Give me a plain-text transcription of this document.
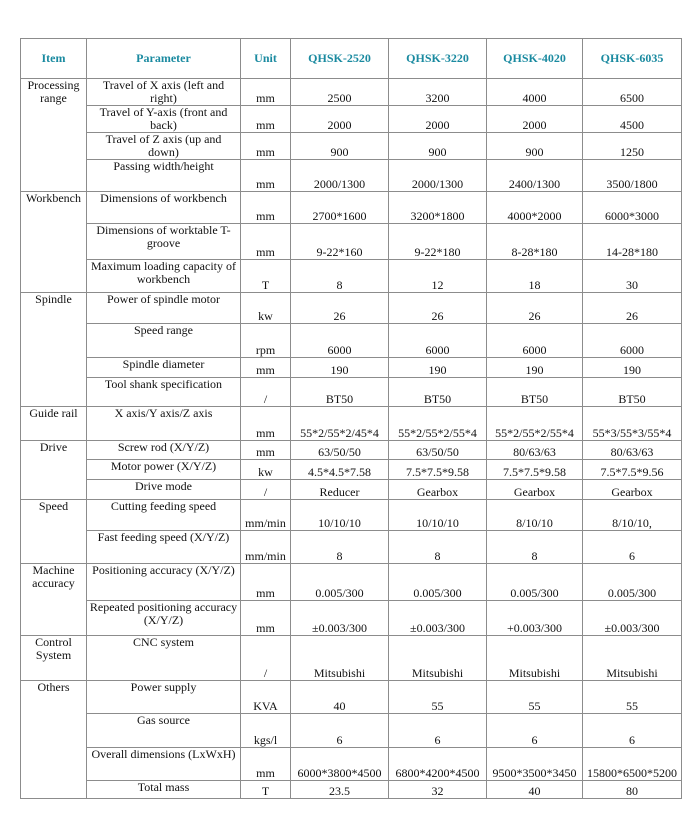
Item	Parameter	Unit	QHSK-2520	QHSK-3220	QHSK-4020	QHSK-6035
Processing range	Travel of X axis (left and right)	mm	2500	3200	4000	6500
	Travel of Y-axis (front and back)	mm	2000	2000	2000	4500
	Travel of Z axis (up and down)	mm	900	900	900	1250
	Passing width/height	mm	2000/1300	2000/1300	2400/1300	3500/1800
Workbench	Dimensions of workbench	mm	2700*1600	3200*1800	4000*2000	6000*3000
	Dimensions of worktable T-groove	mm	9-22*160	9-22*180	8-28*180	14-28*180
	Maximum loading capacity of workbench	T	8	12	18	30
Spindle	Power of spindle motor	kw	26	26	26	26
	Speed range	rpm	6000	6000	6000	6000
	Spindle diameter	mm	190	190	190	190
	Tool shank specification	/	BT50	BT50	BT50	BT50
Guide rail	X axis/Y axis/Z axis	mm	55*2/55*2/45*4	55*2/55*2/55*4	55*2/55*2/55*4	55*3/55*3/55*4
Drive	Screw rod (X/Y/Z)	mm	63/50/50	63/50/50	80/63/63	80/63/63
	Motor power (X/Y/Z)	kw	4.5*4.5*7.58	7.5*7.5*9.58	7.5*7.5*9.58	7.5*7.5*9.56
	Drive mode	/	Reducer	Gearbox	Gearbox	Gearbox
Speed	Cutting feeding speed	mm/min	10/10/10	10/10/10	8/10/10	8/10/10,
	Fast feeding speed (X/Y/Z)	mm/min	8	8	8	6
Machine accuracy	Positioning accuracy (X/Y/Z)	mm	0.005/300	0.005/300	0.005/300	0.005/300
	Repeated positioning accuracy (X/Y/Z)	mm	±0.003/300	±0.003/300	+0.003/300	±0.003/300
Control System	CNC system	/	Mitsubishi	Mitsubishi	Mitsubishi	Mitsubishi
Others	Power supply	KVA	40	55	55	55
	Gas source	kgs/l	6	6	6	6
	Overall dimensions (LxWxH)	mm	6000*3800*4500	6800*4200*4500	9500*3500*3450	15800*6500*5200
	Total mass	T	23.5	32	40	80
